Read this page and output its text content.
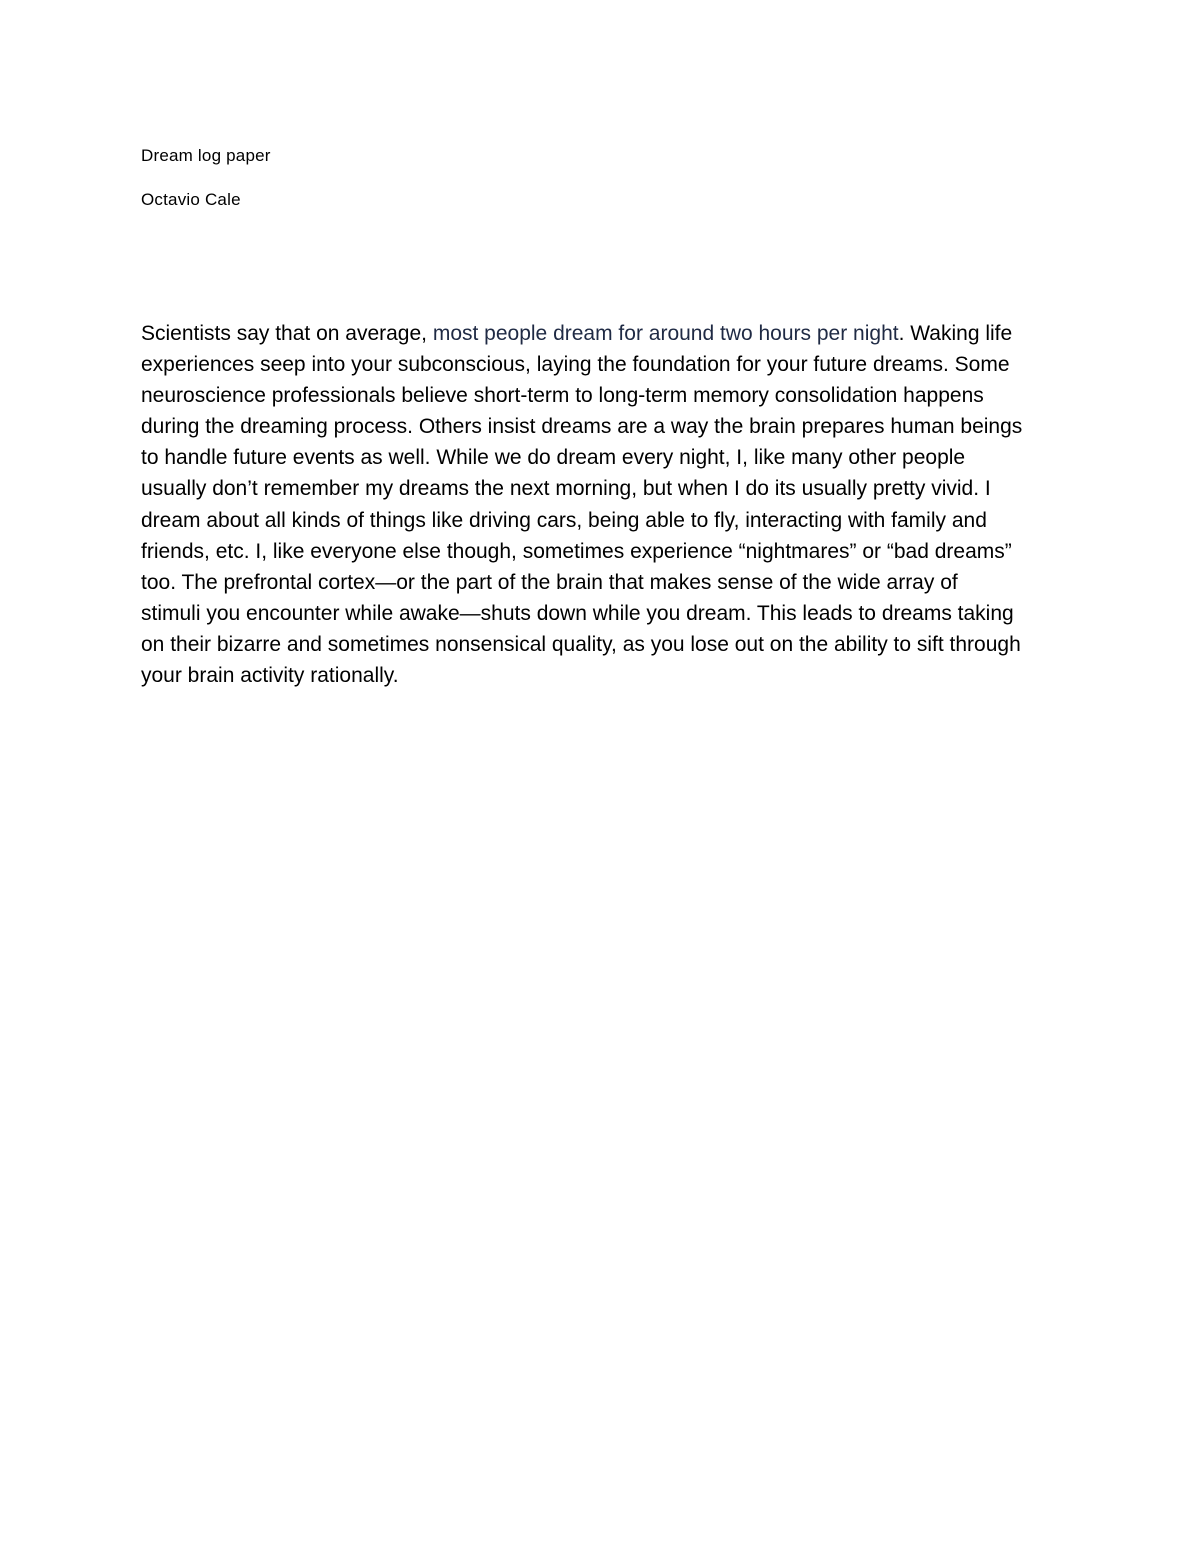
Dream log paper
Octavio Cale
Scientists say that on average, most people dream for around two hours per night. Waking life
experiences seep into your subconscious, laying the foundation for your future dreams. Some
neuroscience professionals believe short-term to long-term memory consolidation happens
during the dreaming process. Others insist dreams are a way the brain prepares human beings
to handle future events as well. While we do dream every night, I, like many other people
usually don’t remember my dreams the next morning, but when I do its usually pretty vivid. I
dream about all kinds of things like driving cars, being able to fly, interacting with family and
friends, etc. I, like everyone else though, sometimes experience “nightmares” or “bad dreams”
too. The prefrontal cortex—or the part of the brain that makes sense of the wide array of
stimuli you encounter while awake—shuts down while you dream. This leads to dreams taking
on their bizarre and sometimes nonsensical quality, as you lose out on the ability to sift through
your brain activity rationally.
